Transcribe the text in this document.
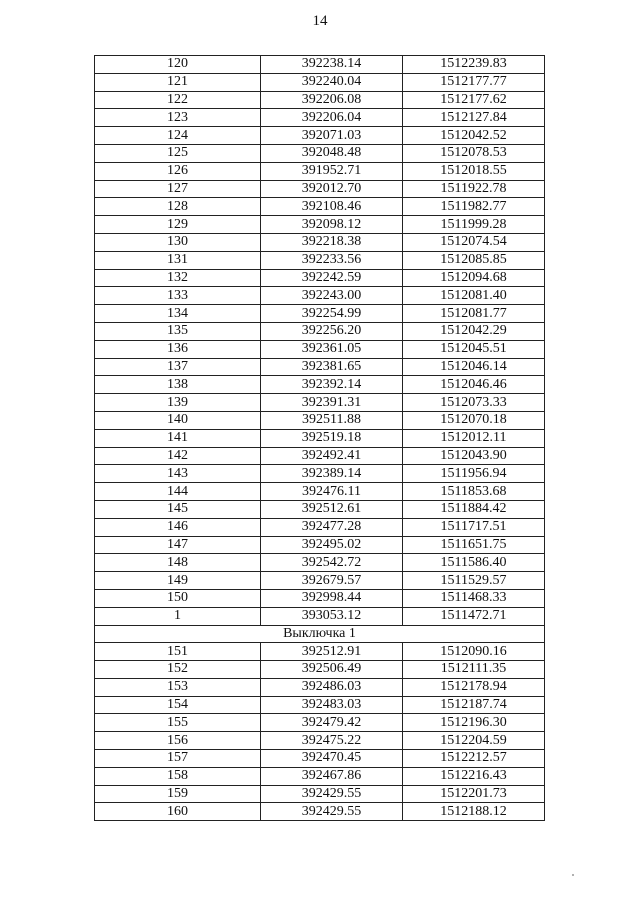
14
120	392238.14	1512239.83
121	392240.04	1512177.77
122	392206.08	1512177.62
123	392206.04	1512127.84
124	392071.03	1512042.52
125	392048.48	1512078.53
126	391952.71	1512018.55
127	392012.70	1511922.78
128	392108.46	1511982.77
129	392098.12	1511999.28
130	392218.38	1512074.54
131	392233.56	1512085.85
132	392242.59	1512094.68
133	392243.00	1512081.40
134	392254.99	1512081.77
135	392256.20	1512042.29
136	392361.05	1512045.51
137	392381.65	1512046.14
138	392392.14	1512046.46
139	392391.31	1512073.33
140	392511.88	1512070.18
141	392519.18	1512012.11
142	392492.41	1512043.90
143	392389.14	1511956.94
144	392476.11	1511853.68
145	392512.61	1511884.42
146	392477.28	1511717.51
147	392495.02	1511651.75
148	392542.72	1511586.40
149	392679.57	1511529.57
150	392998.44	1511468.33
1	393053.12	1511472.71
Выключка 1		
151	392512.91	1512090.16
152	392506.49	1512111.35
153	392486.03	1512178.94
154	392483.03	1512187.74
155	392479.42	1512196.30
156	392475.22	1512204.59
157	392470.45	1512212.57
158	392467.86	1512216.43
159	392429.55	1512201.73
160	392429.55	1512188.12
